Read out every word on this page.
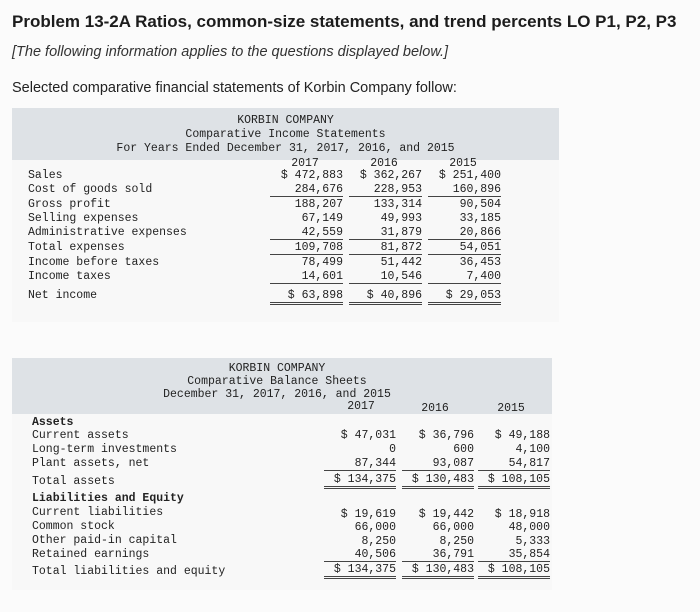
Problem 13-2A Ratios, common-size statements, and trend percents LO P1, P2, P3
[The following information applies to the questions displayed below.]
Selected comparative financial statements of Korbin Company follow:
KORBIN COMPANY
Comparative Income Statements
For Years Ended December 31, 2017, 2016, and 2015
2017	2016	2015
Sales	$ 472,883	$ 362,267	$ 251,400
Cost of goods sold	284,676	228,953	160,896
Gross profit	188,207	133,314	90,504
Selling expenses	67,149	49,993	33,185
Administrative expenses	42,559	31,879	20,866
Total expenses	109,708	81,872	54,051
Income before taxes	78,499	51,442	36,453
Income taxes	14,601	10,546	7,400
Net income	$ 63,898	$ 40,896	$ 29,053
KORBIN COMPANY
Comparative Balance Sheets
December 31, 2017, 2016, and 2015
2017	2016	2015
Assets
Current assets	$ 47,031	$ 36,796	$ 49,188
Long-term investments	0	600	4,100
Plant assets, net	87,344	93,087	54,817
Total assets	$ 134,375	$ 130,483	$ 108,105
Liabilities and Equity
Current liabilities	$ 19,619	$ 19,442	$ 18,918
Common stock	66,000	66,000	48,000
Other paid-in capital	8,250	8,250	5,333
Retained earnings	40,506	36,791	35,854
Total liabilities and equity	$ 134,375	$ 130,483	$ 108,105
